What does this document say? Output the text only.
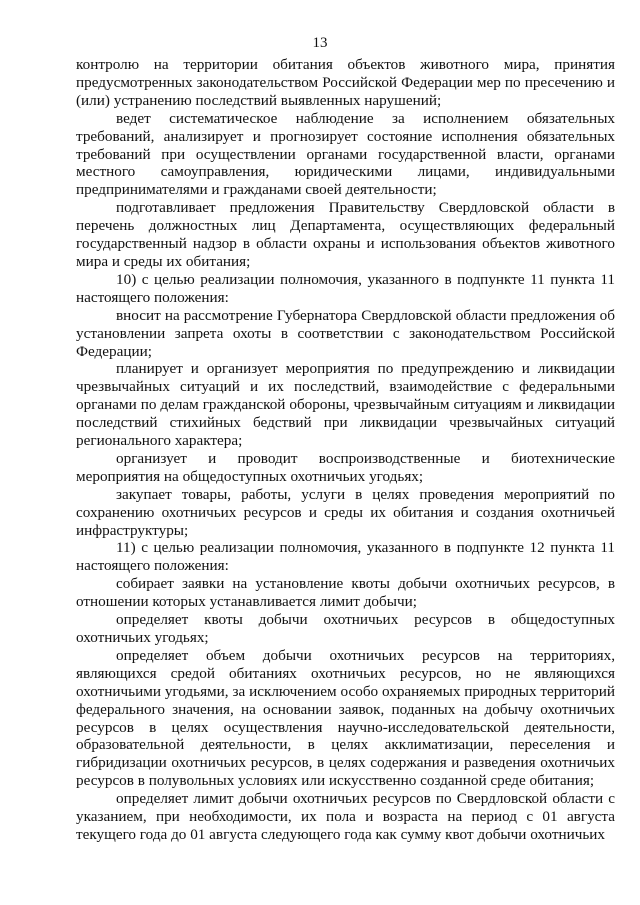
13

контролю на территории обитания объектов животного мира, принятия предусмотренных законодательством Российской Федерации мер по пресечению и (или) устранению последствий выявленных нарушений;

ведет систематическое наблюдение за исполнением обязательных требований, анализирует и прогнозирует состояние исполнения обязательных требований при осуществлении органами государственной власти, органами местного самоуправления, юридическими лицами, индивидуальными предпринимателями и гражданами своей деятельности;

подготавливает предложения Правительству Свердловской области в перечень должностных лиц Департамента, осуществляющих федеральный государственный надзор в области охраны и использования объектов животного мира и среды их обитания;

10) с целью реализации полномочия, указанного в подпункте 11 пункта 11 настоящего положения:

вносит на рассмотрение Губернатора Свердловской области предложения об установлении запрета охоты в соответствии с законодательством Российской Федерации;

планирует и организует мероприятия по предупреждению и ликвидации чрезвычайных ситуаций и их последствий, взаимодействие с федеральными органами по делам гражданской обороны, чрезвычайным ситуациям и ликвидации последствий стихийных бедствий при ликвидации чрезвычайных ситуаций регионального характера;

организует и проводит воспроизводственные и биотехнические мероприятия на общедоступных охотничьих угодьях;

закупает товары, работы, услуги в целях проведения мероприятий по сохранению охотничьих ресурсов и среды их обитания и создания охотничьей инфраструктуры;

11) с целью реализации полномочия, указанного в подпункте 12 пункта 11 настоящего положения:

собирает заявки на установление квоты добычи охотничьих ресурсов, в отношении которых устанавливается лимит добычи;

определяет квоты добычи охотничьих ресурсов в общедоступных охотничьих угодьях;

определяет объем добычи охотничьих ресурсов на территориях, являющихся средой обитаниях охотничьих ресурсов, но не являющихся охотничьими угодьями, за исключением особо охраняемых природных территорий федерального значения, на основании заявок, поданных на добычу охотничьих ресурсов в целях осуществления научно-исследовательской деятельности, образовательной деятельности, в целях акклиматизации, переселения и гибридизации охотничьих ресурсов, в целях содержания и разведения охотничьих ресурсов в полувольных условиях или искусственно созданной среде обитания;

определяет лимит добычи охотничьих ресурсов по Свердловской области с указанием, при необходимости, их пола и возраста на период с 01 августа текущего года до 01 августа следующего года как сумму квот добычи охотничьих
